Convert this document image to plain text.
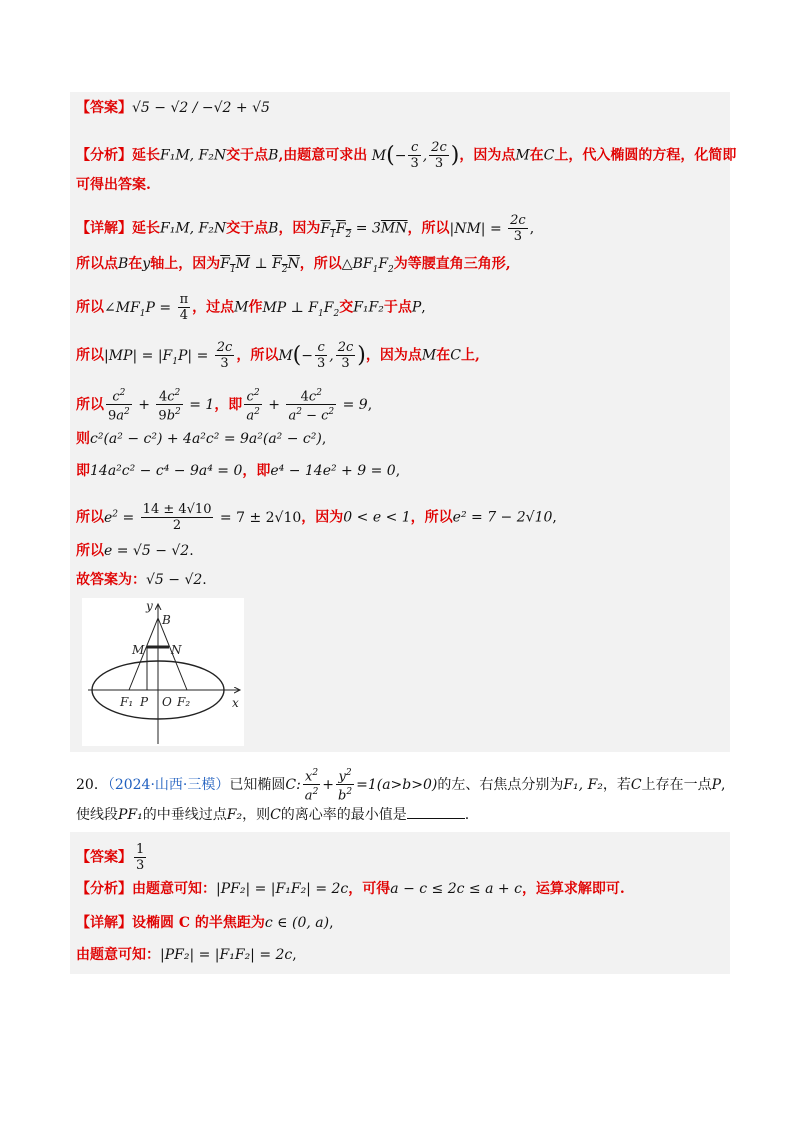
【答案】√5 − √2 / −√2 + √5
【分析】延长F₁M, F₂N交于点B,由题意可求出 $M(- \frac{c}{3}$ , $\frac{2c}{3}$ )，因为点M在C上，代入椭圆的方程，化简即
可得出答案.
【详解】延长F₁M, F₂N交于点B，因为$F_1F_2 = 3\overline{MN}$，所以$|NM| = \frac{2c}{3}$ ,
所以点B在y轴上，因为$F_1M$ ⊥ $F_2N$，所以$\triangle BF_1F_2$为等腰直角三角形,
所以$\angle MF_1P = \frac{\pi}{4}$ ，过点M作MP ⊥ $F_1F_2$交F₁F₂于点P,
所以$|MP| = |F_1P| = \frac{2c}{3}$ ，所以$M(- \frac{c}{3}$ , $\frac{2c}{3}$ )，因为点M在C上,
所以 $\frac{c^2}{9a^2} + \frac{4c^2}{9b^2} = 1$，即 $\frac{c^2}{a^2} + \frac{4c^2}{a^2 - c^2} = 9$,
则c²(a² − c²) + 4a²c² = 9a²(a² − c²),
即14a²c² − c⁴ − 9a⁴ = 0，即e⁴ − 14e² + 9 = 0,
所以$e^2 = \frac{14 \pm 4√10}{2} = 7 \pm 2√10$，因为0 < e < 1，所以e² = 7 − 2√10,
所以e = √5 − √2.
故答案为：√5 − √2.
y
x
B
M N
F₁ P O F₂
20．（2024·山西·三模）已知椭圆C: $\frac{x^2}{a^2} + \frac{y^2}{b^2} =1(a>b>0)$的左、右焦点分别为F₁, F₂，若C上存在一点P,
使线段PF₁的中垂线过点F₂，则C的离心率的最小值是	.
【答案】 $\frac{1}{3}$
【分析】由题意可知：|PF₂| = |F₁F₂| = 2c，可得a − c ≤ 2c ≤ a + c，运算求解即可.
【详解】设椭圆 C 的半焦距为c ∈ (0, a),
由题意可知：|PF₂| = |F₁F₂| = 2c,
